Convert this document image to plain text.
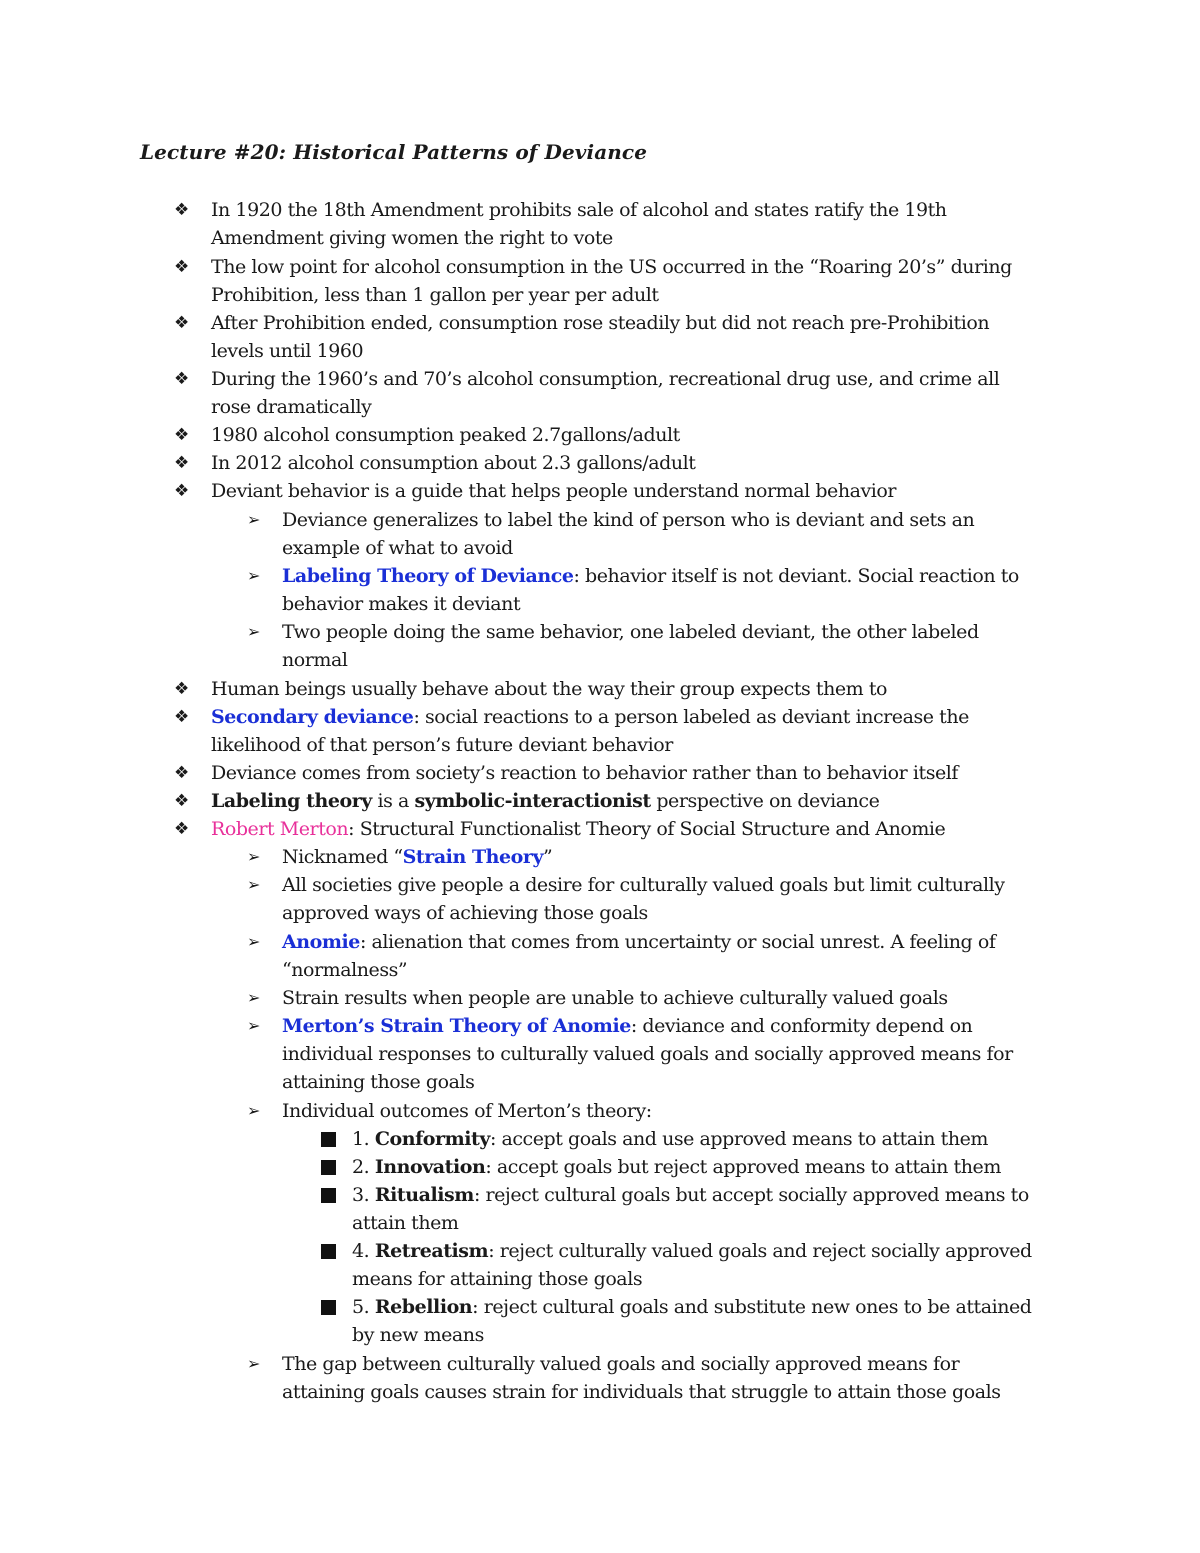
Lecture #20: Historical Patterns of Deviance
❖ In 1920 the 18th Amendment prohibits sale of alcohol and states ratify the 19th
Amendment giving women the right to vote
❖ The low point for alcohol consumption in the US occurred in the “Roaring 20’s” during
Prohibition, less than 1 gallon per year per adult
❖ After Prohibition ended, consumption rose steadily but did not reach pre-Prohibition
levels until 1960
❖ During the 1960’s and 70’s alcohol consumption, recreational drug use, and crime all
rose dramatically
❖ 1980 alcohol consumption peaked 2.7gallons/adult
❖ In 2012 alcohol consumption about 2.3 gallons/adult
❖ Deviant behavior is a guide that helps people understand normal behavior
➢ Deviance generalizes to label the kind of person who is deviant and sets an
example of what to avoid
➢ Labeling Theory of Deviance: behavior itself is not deviant. Social reaction to
behavior makes it deviant
➢ Two people doing the same behavior, one labeled deviant, the other labeled
normal
❖ Human beings usually behave about the way their group expects them to
❖ Secondary deviance: social reactions to a person labeled as deviant increase the
likelihood of that person’s future deviant behavior
❖ Deviance comes from society’s reaction to behavior rather than to behavior itself
❖ Labeling theory is a symbolic-interactionist perspective on deviance
❖ Robert Merton: Structural Functionalist Theory of Social Structure and Anomie
➢ Nicknamed “Strain Theory”
➢ All societies give people a desire for culturally valued goals but limit culturally
approved ways of achieving those goals
➢ Anomie: alienation that comes from uncertainty or social unrest. A feeling of
“normalness”
➢ Strain results when people are unable to achieve culturally valued goals
➢ Merton’s Strain Theory of Anomie: deviance and conformity depend on
individual responses to culturally valued goals and socially approved means for
attaining those goals
➢ Individual outcomes of Merton’s theory:
1. Conformity: accept goals and use approved means to attain them
2. Innovation: accept goals but reject approved means to attain them
3. Ritualism: reject cultural goals but accept socially approved means to
attain them
4. Retreatism: reject culturally valued goals and reject socially approved
means for attaining those goals
5. Rebellion: reject cultural goals and substitute new ones to be attained
by new means
➢ The gap between culturally valued goals and socially approved means for
attaining goals causes strain for individuals that struggle to attain those goals
